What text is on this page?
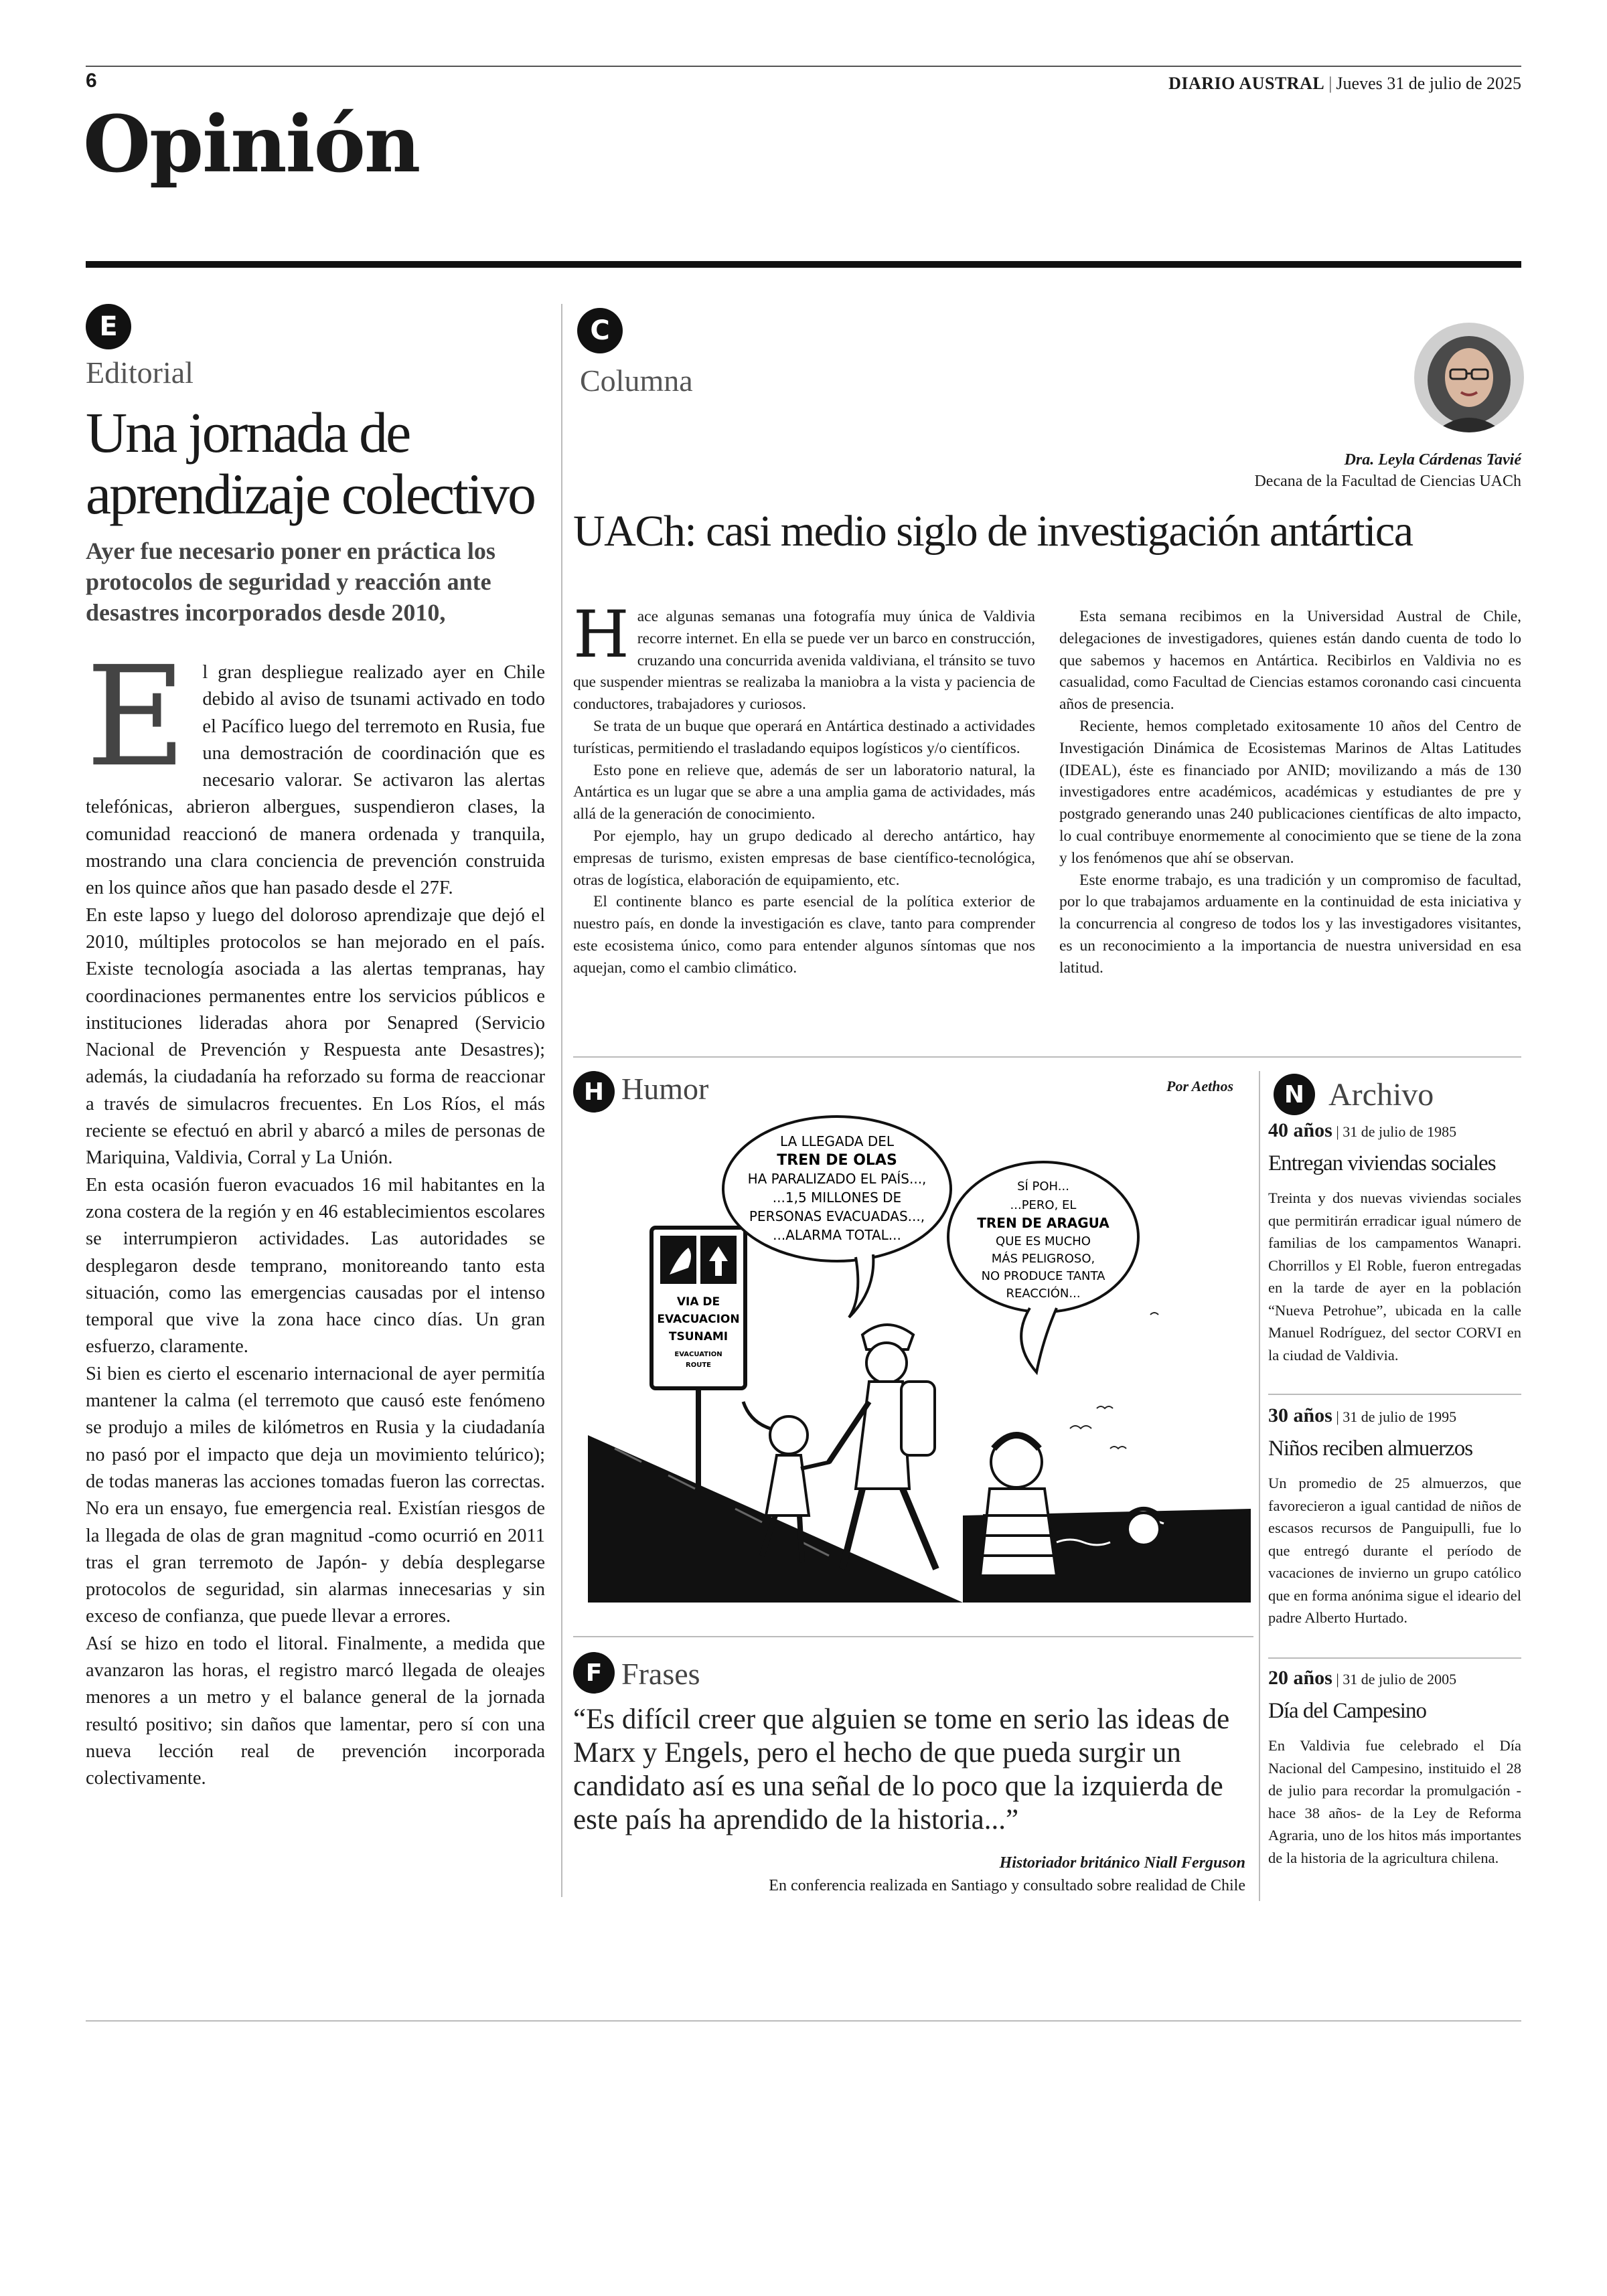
6	DIARIO AUSTRAL | Jueves 31 de julio de 2025
Opinión
E
Editorial
Una jornada de aprendizaje colectivo
Ayer fue necesario poner en práctica los protocolos de seguridad y reacción ante desastres incorporados desde 2010,
E l gran despliegue realizado ayer en Chile debido al aviso de tsunami activado en todo el Pacífico luego del terremoto en Rusia, fue una demostración de coordinación que es necesario valorar. Se activaron las alertas telefónicas, abrieron albergues, suspendieron clases, la comunidad reaccionó de manera ordenada y tranquila, mostrando una clara conciencia de prevención construida en los quince años que han pasado desde el 27F.

En este lapso y luego del doloroso aprendizaje que dejó el 2010, múltiples protocolos se han mejorado en el país. Existe tecnología asociada a las alertas tempranas, hay coordinaciones permanentes entre los servicios públicos e instituciones lideradas ahora por Senapred (Servicio Nacional de Prevención y Respuesta ante Desastres); además, la ciudadanía ha reforzado su forma de reaccionar a través de simulacros frecuentes. En Los Ríos, el más reciente se efectuó en abril y abarcó a miles de personas de Mariquina, Valdivia, Corral y La Unión.

En esta ocasión fueron evacuados 16 mil habitantes en la zona costera de la región y en 46 establecimientos escolares se interrumpieron actividades. Las autoridades se desplegaron desde temprano, monitoreando tanto esta situación, como las emergencias causadas por el intenso temporal que vive la zona hace cinco días. Un gran esfuerzo, claramente.

Si bien es cierto el escenario internacional de ayer permitía mantener la calma (el terremoto que causó este fenómeno se produjo a miles de kilómetros en Rusia y la ciudadanía no pasó por el impacto que deja un movimiento telúrico); de todas maneras las acciones tomadas fueron las correctas. No era un ensayo, fue emergencia real. Existían riesgos de la llegada de olas de gran magnitud -como ocurrió en 2011 tras el gran terremoto de Japón- y debía desplegarse protocolos de seguridad, sin alarmas innecesarias y sin exceso de confianza, que puede llevar a errores.

Así se hizo en todo el litoral. Finalmente, a medida que avanzaron las horas, el registro marcó llegada de oleajes menores a un metro y el balance general de la jornada resultó positivo; sin daños que lamentar, pero sí con una nueva lección real de prevención incorporada colectivamente.

C
Columna
Dra. Leyla Cárdenas Tavié
Decana de la Facultad de Ciencias UACh
UACh: casi medio siglo de investigación antártica
H ace algunas semanas una fotografía muy única de Valdivia recorre internet. En ella se puede ver un barco en construcción, cruzando una concurrida avenida valdiviana, el tránsito se tuvo que suspender mientras se realizaba la maniobra a la vista y paciencia de conductores, trabajadores y curiosos.

Se trata de un buque que operará en Antártica destinado a actividades turísticas, permitiendo el trasladando equipos logísticos y/o científicos.

Esto pone en relieve que, además de ser un laboratorio natural, la Antártica es un lugar que se abre a una amplia gama de actividades, más allá de la generación de conocimiento.

Por ejemplo, hay un grupo dedicado al derecho antártico, hay empresas de turismo, existen empresas de base científico-tecnológica, otras de logística, elaboración de equipamiento, etc.

El continente blanco es parte esencial de la política exterior de nuestro país, en donde la investigación es clave, tanto para comprender este ecosistema único, como para entender algunos síntomas que nos aquejan, como el cambio climático.

Esta semana recibimos en la Universidad Austral de Chile, delegaciones de investigadores, quienes están dando cuenta de todo lo que sabemos y hacemos en Antártica. Recibirlos en Valdivia no es casualidad, como Facultad de Ciencias estamos coronando casi cincuenta años de presencia.

Reciente, hemos completado exitosamente 10 años del Centro de Investigación Dinámica de Ecosistemas Marinos de Altas Latitudes (IDEAL), éste es financiado por ANID; movilizando a más de 130 investigadores entre académicos, académicas y estudiantes de pre y postgrado generando unas 240 publicaciones científicas de alto impacto, lo cual contribuye enormemente al conocimiento que se tiene de la zona y los fenómenos que ahí se observan.

Este enorme trabajo, es una tradición y un compromiso de facultad, por lo que trabajamos arduamente en la continuidad de esta iniciativa y la concurrencia al congreso de todos los y las investigadores visitantes, es un reconocimiento a la importancia de nuestra universidad en esa latitud.

H Humor	Por Aethos
VIA DE
EVACUACION
TSUNAMI
EVACUATION
ROUTE
LA LLEGADA DEL
TREN DE OLAS
HA PARALIZADO EL PAÍS...,
...1,5 MILLONES DE
PERSONAS EVACUADAS...,
...ALARMA TOTAL...
SÍ POH...
...PERO, EL
TREN DE ARAGUA
QUE ES MUCHO
MÁS PELIGROSO,
NO PRODUCE TANTA
REACCIÓN...
F Frases
“Es difícil creer que alguien se tome en serio las ideas de Marx y Engels, pero el hecho de que pueda surgir un candidato así es una señal de lo poco que la izquierda de este país ha aprendido de la historia...”
Historiador británico Niall Ferguson
En conferencia realizada en Santiago y consultado sobre realidad de Chile
N Archivo
40 años | 31 de julio de 1985
Entregan viviendas sociales
Treinta y dos nuevas viviendas sociales que permitirán erradicar igual número de familias de los campamentos Wanapri. Chorrillos y El Roble, fueron entregadas en la tarde de ayer en la población “Nueva Petrohue”, ubicada en la calle Manuel Rodríguez, del sector CORVI en la ciudad de Valdivia.
30 años | 31 de julio de 1995
Niños reciben almuerzos
Un promedio de 25 almuerzos, que favorecieron a igual cantidad de niños de escasos recursos de Panguipulli, fue lo que entregó durante el período de vacaciones de invierno un grupo católico que en forma anónima sigue el ideario del padre Alberto Hurtado.
20 años | 31 de julio de 2005
Día del Campesino
En Valdivia fue celebrado el Día Nacional del Campesino, instituido el 28 de julio para recordar la promulgación -hace 38 años- de la Ley de Reforma Agraria, uno de los hitos más importantes de la historia de la agricultura chilena.
